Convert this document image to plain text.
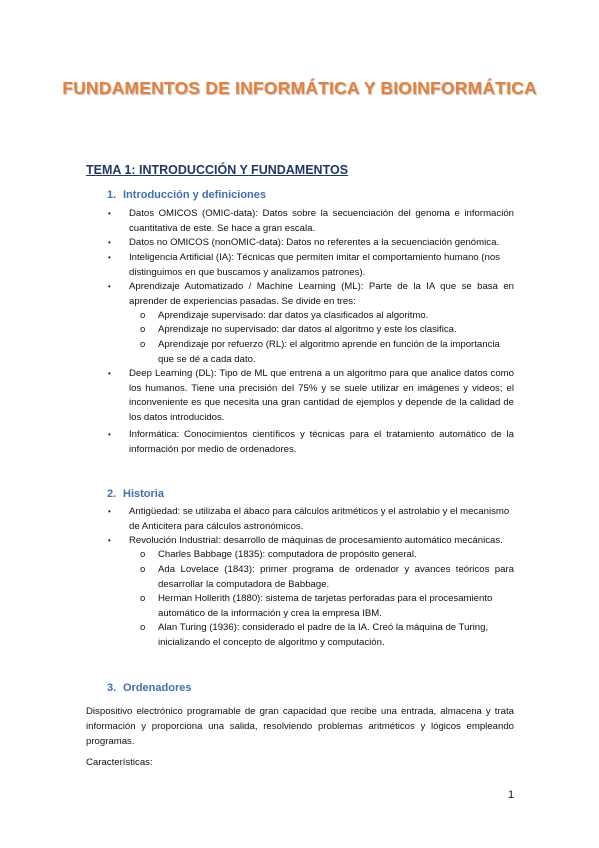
FUNDAMENTOS DE INFORMÁTICA Y BIOINFORMÁTICA
TEMA 1: INTRODUCCIÓN Y FUNDAMENTOS
1. Introducción y definiciones
• Datos OMICOS (OMIC-data): Datos sobre la secuenciación del genoma e información cuantitativa de este. Se hace a gran escala.
• Datos no OMICOS (nonOMIC-data): Datos no referentes a la secuenciación genómica.
• Inteligencia Artificial (IA): Técnicas que permiten imitar el comportamiento humano (nos distinguimos en que buscamos y analizamos patrones).
• Aprendizaje Automatizado / Machine Learning (ML): Parte de la IA que se basa en aprender de experiencias pasadas. Se divide en tres:
o Aprendizaje supervisado: dar datos ya clasificados al algoritmo.
o Aprendizaje no supervisado: dar datos al algoritmo y este los clasifica.
o Aprendizaje por refuerzo (RL): el algoritmo aprende en función de la importancia que se dé a cada dato.
• Deep Learning (DL): Tipo de ML que entrena a un algoritmo para que analice datos como los humanos. Tiene una precisión del 75% y se suele utilizar en imágenes y videos; el inconveniente es que necesita una gran cantidad de ejemplos y depende de la calidad de los datos introducidos.
• Informática: Conocimientos científicos y técnicas para el tratamiento automático de la información por medio de ordenadores.
2. Historia
• Antigüedad: se utilizaba el ábaco para cálculos aritméticos y el astrolabio y el mecanismo de Anticitera para cálculos astronómicos.
• Revolución Industrial: desarrollo de máquinas de procesamiento automático mecánicas.
o Charles Babbage (1835): computadora de propósito general.
o Ada Lovelace (1843): primer programa de ordenador y avances teóricos para desarrollar la computadora de Babbage.
o Herman Hollerith (1880): sistema de tarjetas perforadas para el procesamiento automático de la información y crea la empresa IBM.
o Alan Turing (1936): considerado el padre de la IA. Creó la máquina de Turing, inicializando el concepto de algoritmo y computación.
3. Ordenadores
Dispositivo electrónico programable de gran capacidad que recibe una entrada, almacena y trata información y proporciona una salida, resolviendo problemas aritméticos y lógicos empleando programas.
Características:
1
